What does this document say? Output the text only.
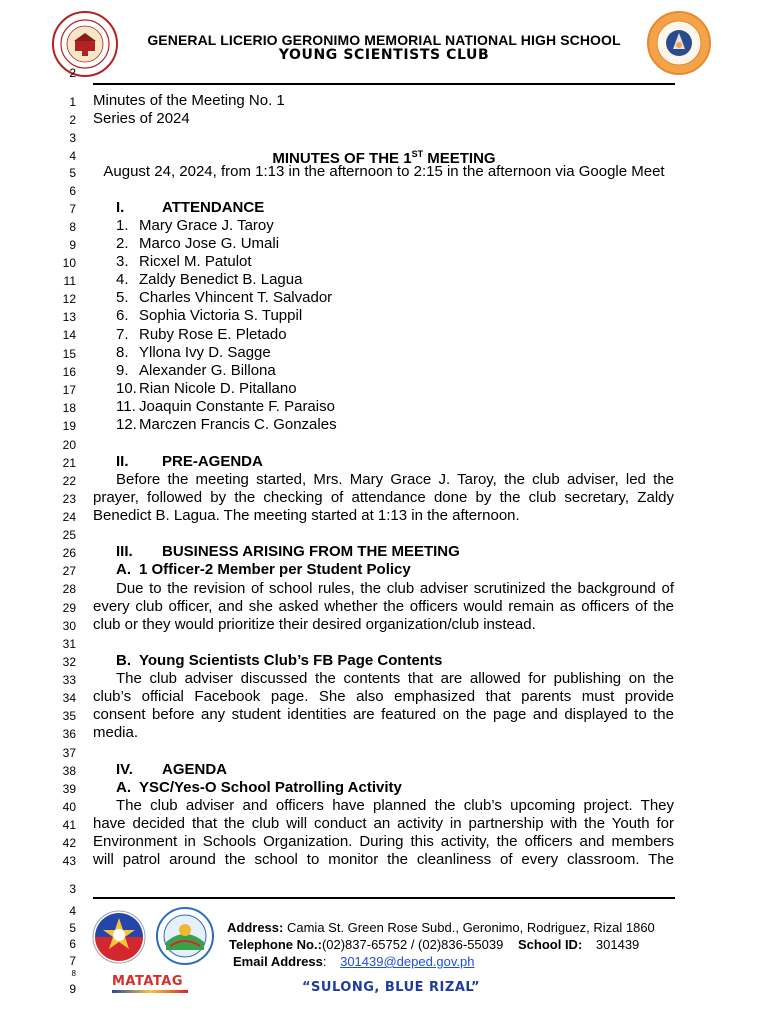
GENERAL LICERIO GERONIMO MEMORIAL NATIONAL HIGH SCHOOL
YOUNG SCIENTISTS CLUB
2
1
2
3
4
5
6
7
8
9
10
11
12
13
14
15
16
17
18
19
20
21
22
23
24
25
26
27
28
29
30
31
32
33
34
35
36
37
38
39
40
41
42
43
Minutes of the Meeting No. 1
Series of 2024
MINUTES OF THE 1ST MEETING
August 24, 2024, from 1:13 in the afternoon to 2:15 in the afternoon via Google Meet
I.	ATTENDANCE
1. Mary Grace J. Taroy
2. Marco Jose G. Umali
3. Ricxel M. Patulot
4. Zaldy Benedict B. Lagua
5. Charles Vhincent T. Salvador
6. Sophia Victoria S. Tuppil
7. Ruby Rose E. Pletado
8. Yllona Ivy D. Sagge
9. Alexander G. Billona
10. Rian Nicole D. Pitallano
11. Joaquin Constante F. Paraiso
12. Marczen Francis C. Gonzales
II. PRE-AGENDA
Before the meeting started, Mrs. Mary Grace J. Taroy, the club adviser, led the
prayer, followed by the checking of attendance done by the club secretary, Zaldy
Benedict B. Lagua. The meeting started at 1:13 in the afternoon.
III. BUSINESS ARISING FROM THE MEETING
A. 1 Officer-2 Member per Student Policy
Due to the revision of school rules, the club adviser scrutinized the background of
every club officer, and she asked whether the officers would remain as officers of the
club or they would prioritize their desired organization/club instead.
B. Young Scientists Club’s FB Page Contents
The club adviser discussed the contents that are allowed for publishing on the
club’s official Facebook page. She also emphasized that parents must provide
consent before any student identities are featured on the page and displayed to the
media.
IV. AGENDA
A. YSC/Yes-O School Patrolling Activity
The club adviser and officers have planned the club’s upcoming project. They
have decided that the club will conduct an activity in partnership with the Youth for
Environment in Schools Organization. During this activity, the officers and members
will patrol around the school to monitor the cleanliness of every classroom. The
3
4
5
6
7
8
9	MATATAG
Address: Camia St. Green Rose Subd., Geronimo, Rodriguez, Rizal 1860
Telephone No.:(02)837-65752 / (02)836-55039 School ID: 301439
Email Address: 301439@deped.gov.ph
“SULONG, BLUE RIZAL”
